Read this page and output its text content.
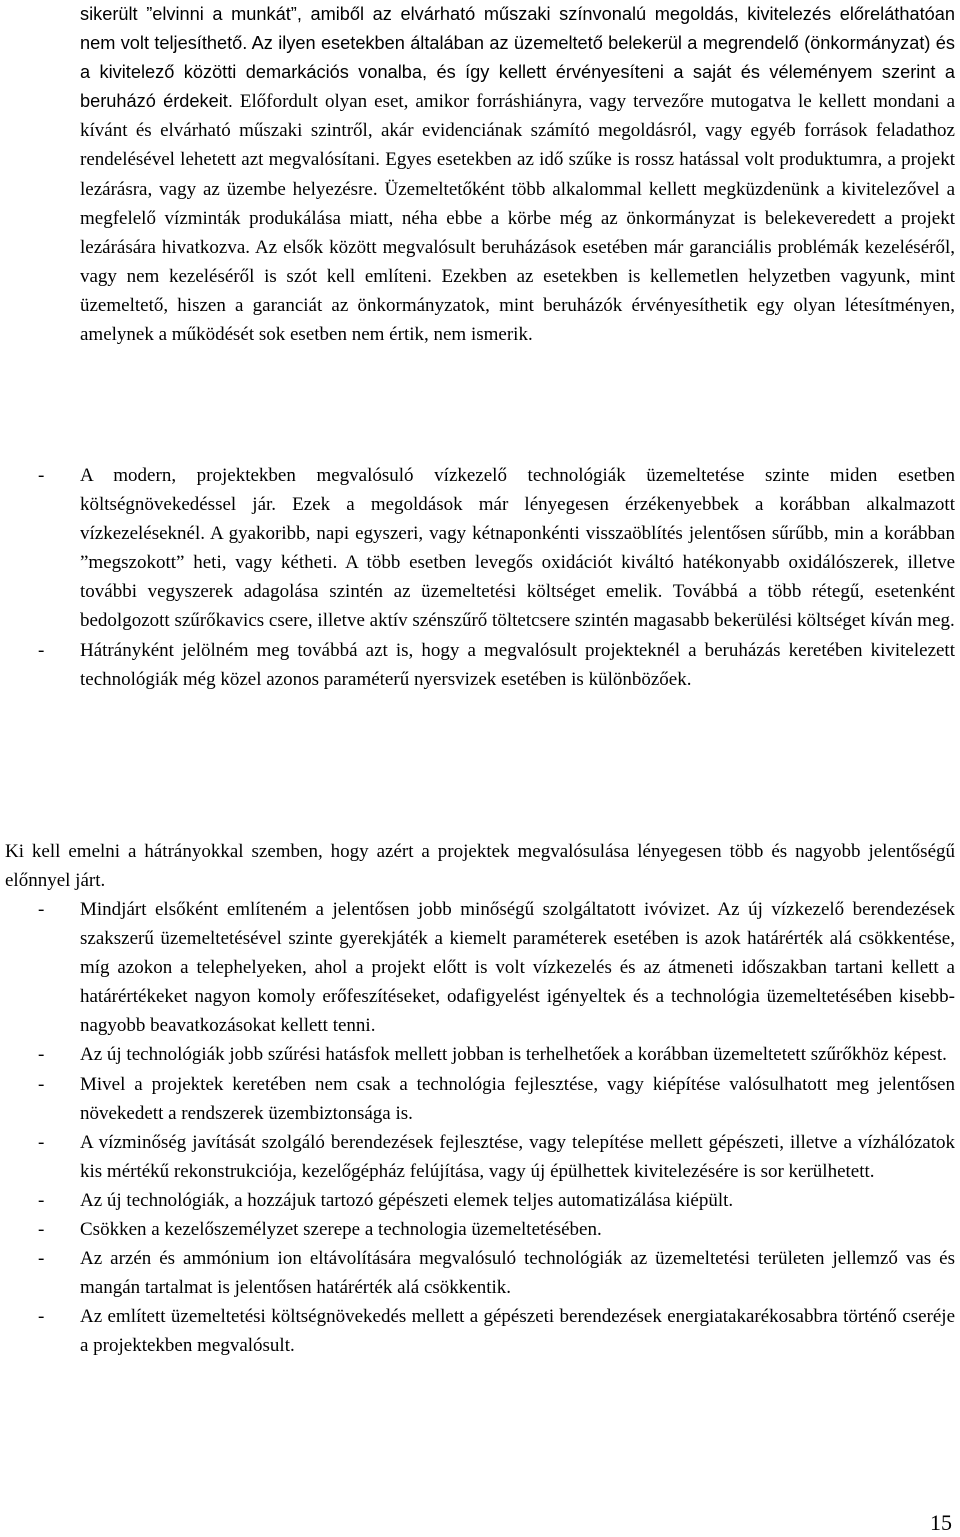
sikerült ”elvinni a munkát”, amiből az elvárható műszaki színvonalú megoldás, kivitelezés előreláthatóan nem volt teljesíthető. Az ilyen esetekben általában az üzemeltető belekerül a megrendelő (önkormányzat) és a kivitelező közötti demarkációs vonalba, és így kellett érvényesíteni a saját és véleményem szerint a beruházó érdekeit. Előfordult olyan eset, amikor forráshiányra, vagy tervezőre mutogatva le kellett mondani a kívánt és elvárható műszaki szintről, akár evidenciának számító megoldásról, vagy egyéb források feladathoz rendelésével lehetett azt megvalósítani. Egyes esetekben az idő szűke is rossz hatással volt produktumra, a projekt lezárásra, vagy az üzembe helyezésre. Üzemeltetőként több alkalommal kellett megküzdenünk a kivitelezővel a megfelelő vízminták produkálása miatt, néha ebbe a körbe még az önkormányzat is belekeveredett a projekt lezárására hivatkozva. Az elsők között megvalósult beruházások esetében már garanciális problémák kezeléséről, vagy nem kezeléséről is szót kell említeni. Ezekben az esetekben is kellemetlen helyzetben vagyunk, mint üzemeltető, hiszen a garanciát az önkormányzatok, mint beruházók érvényesíthetik egy olyan létesítményen, amelynek a működését sok esetben nem értik, nem ismerik.
- A modern, projektekben megvalósuló vízkezelő technológiák üzemeltetése szinte miden esetben költségnövekedéssel jár. Ezek a megoldások már lényegesen érzékenyebbek a korábban alkalmazott vízkezeléseknél. A gyakoribb, napi egyszeri, vagy kétnaponkénti visszaöblítés jelentősen sűrűbb, min a korábban ”megszokott” heti, vagy kétheti. A több esetben levegős oxidációt kiváltó hatékonyabb oxidálószerek, illetve további vegyszerek adagolása szintén az üzemeltetési költséget emelik. Továbbá a több rétegű, esetenként bedolgozott szűrőkavics csere, illetve aktív szénszűrő töltetcsere szintén magasabb bekerülési költséget kíván meg.

- Hátrányként jelölném meg továbbá azt is, hogy a megvalósult projekteknél a beruházás keretében kivitelezett technológiák még közel azonos paraméterű nyersvizek esetében is különbözőek.

Ki kell emelni a hátrányokkal szemben, hogy azért a projektek megvalósulása lényegesen több és nagyobb jelentőségű előnnyel járt.

- Mindjárt elsőként említeném a jelentősen jobb minőségű szolgáltatott ivóvizet. Az új vízkezelő berendezések szakszerű üzemeltetésével szinte gyerekjáték a kiemelt paraméterek esetében is azok határérték alá csökkentése, míg azokon a telephelyeken, ahol a projekt előtt is volt vízkezelés és az átmeneti időszakban tartani kellett a határértékeket nagyon komoly erőfeszítéseket, odafigyelést igényeltek és a technológia üzemeltetésében kisebb-nagyobb beavatkozásokat kellett tenni.

- Az új technológiák jobb szűrési hatásfok mellett jobban is terhelhetőek a korábban üzemeltetett szűrőkhöz képest.

- Mivel a projektek keretében nem csak a technológia fejlesztése, vagy kiépítése valósulhatott meg jelentősen növekedett a rendszerek üzembiztonsága is.

- A vízminőség javítását szolgáló berendezések fejlesztése, vagy telepítése mellett gépészeti, illetve a vízhálózatok kis mértékű rekonstrukciója, kezelőgépház felújítása, vagy új épülhettek kivitelezésére is sor kerülhetett.

- Az új technológiák, a hozzájuk tartozó gépészeti elemek teljes automatizálása kiépült.

- Csökken a kezelőszemélyzet szerepe a technologia üzemeltetésében.

- Az arzén és ammónium ion eltávolítására megvalósuló technológiák az üzemeltetési területen jellemző vas és mangán tartalmat is jelentősen határérték alá csökkentik.

- Az említett üzemeltetési költségnövekedés mellett a gépészeti berendezések energiatakarékosabbra történő cseréje a projektekben megvalósult.

15
